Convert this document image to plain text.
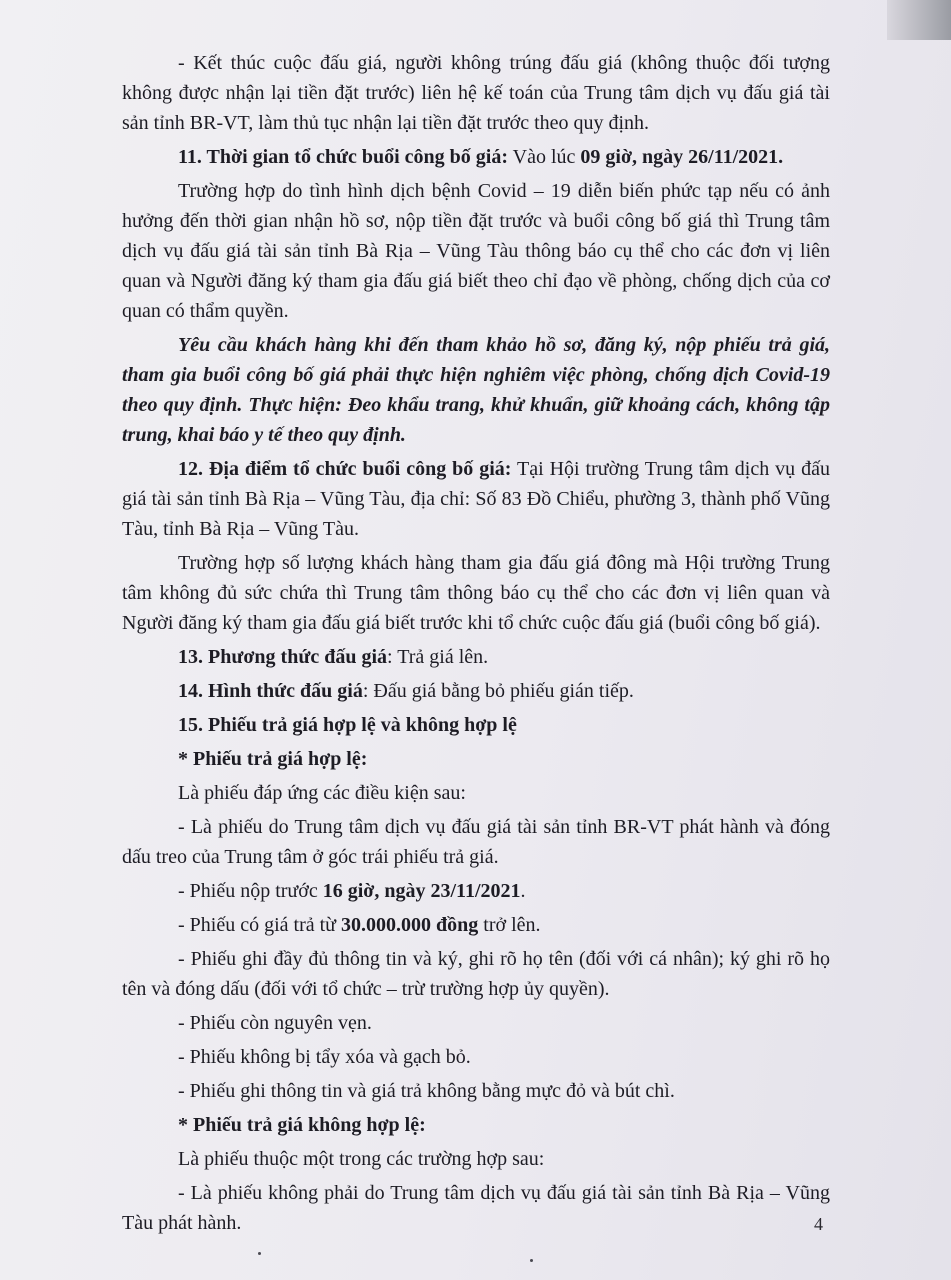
- Kết thúc cuộc đấu giá, người không trúng đấu giá (không thuộc đối tượng không được nhận lại tiền đặt trước) liên hệ kế toán của Trung tâm dịch vụ đấu giá tài sản tỉnh BR-VT, làm thủ tục nhận lại tiền đặt trước theo quy định.

11. Thời gian tổ chức buổi công bố giá: Vào lúc 09 giờ, ngày 26/11/2021.

Trường hợp do tình hình dịch bệnh Covid – 19 diễn biến phức tạp nếu có ảnh hưởng đến thời gian nhận hồ sơ, nộp tiền đặt trước và buổi công bố giá thì Trung tâm dịch vụ đấu giá tài sản tỉnh Bà Rịa – Vũng Tàu thông báo cụ thể cho các đơn vị liên quan và Người đăng ký tham gia đấu giá biết theo chỉ đạo về phòng, chống dịch của cơ quan có thẩm quyền.

Yêu cầu khách hàng khi đến tham khảo hồ sơ, đăng ký, nộp phiếu trả giá, tham gia buổi công bố giá phải thực hiện nghiêm việc phòng, chống dịch Covid-19 theo quy định. Thực hiện: Đeo khẩu trang, khử khuẩn, giữ khoảng cách, không tập trung, khai báo y tế theo quy định.

12. Địa điểm tổ chức buổi công bố giá: Tại Hội trường Trung tâm dịch vụ đấu giá tài sản tỉnh Bà Rịa – Vũng Tàu, địa chỉ: Số 83 Đồ Chiểu, phường 3, thành phố Vũng Tàu, tỉnh Bà Rịa – Vũng Tàu.

Trường hợp số lượng khách hàng tham gia đấu giá đông mà Hội trường Trung tâm không đủ sức chứa thì Trung tâm thông báo cụ thể cho các đơn vị liên quan và Người đăng ký tham gia đấu giá biết trước khi tổ chức cuộc đấu giá (buổi công bố giá).

13. Phương thức đấu giá: Trả giá lên.

14. Hình thức đấu giá: Đấu giá bằng bỏ phiếu gián tiếp.

15. Phiếu trả giá hợp lệ và không hợp lệ

* Phiếu trả giá hợp lệ:

Là phiếu đáp ứng các điều kiện sau:

- Là phiếu do Trung tâm dịch vụ đấu giá tài sản tỉnh BR-VT phát hành và đóng dấu treo của Trung tâm ở góc trái phiếu trả giá.

- Phiếu nộp trước 16 giờ, ngày 23/11/2021.

- Phiếu có giá trả từ 30.000.000 đồng trở lên.

- Phiếu ghi đầy đủ thông tin và ký, ghi rõ họ tên (đối với cá nhân); ký ghi rõ họ tên và đóng dấu (đối với tổ chức – trừ trường hợp ủy quyền).

- Phiếu còn nguyên vẹn.

- Phiếu không bị tẩy xóa và gạch bỏ.

- Phiếu ghi thông tin và giá trả không bằng mực đỏ và bút chì.

* Phiếu trả giá không hợp lệ:

Là phiếu thuộc một trong các trường hợp sau:

- Là phiếu không phải do Trung tâm dịch vụ đấu giá tài sản tỉnh Bà Rịa – Vũng Tàu phát hành.	4
